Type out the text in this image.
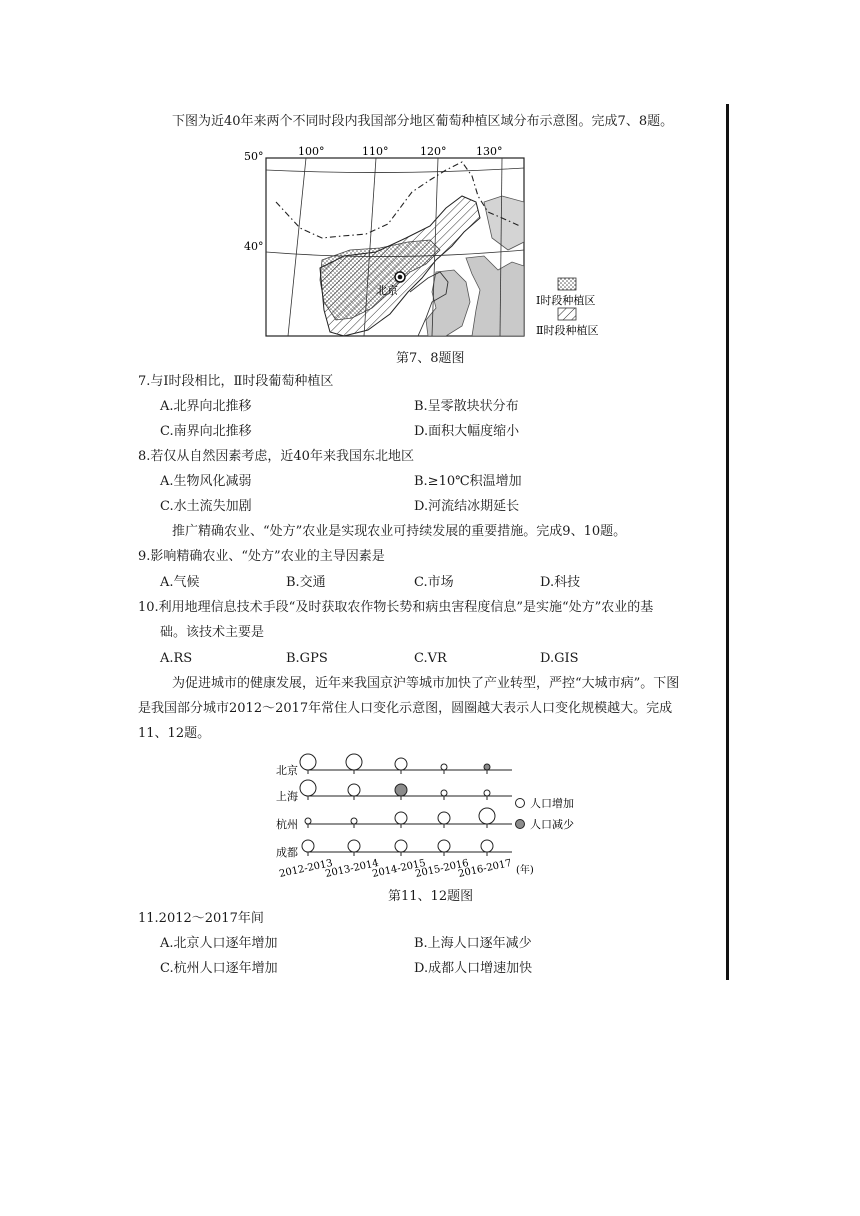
下图为近40年来两个不同时段内我国部分地区葡萄种植区域分布示意图。完成7、8题。
北京
100°	110°	120°	130°
50°
40°
Ⅰ时段种植区
Ⅱ时段种植区
第7、8题图
7.与Ⅰ时段相比，Ⅱ时段葡萄种植区
A.北界向北推移	B.呈零散块状分布
C.南界向北推移	D.面积大幅度缩小
8.若仅从自然因素考虑，近40年来我国东北地区
A.生物风化减弱	B.≥10℃积温增加
C.水土流失加剧	D.河流结冰期延长
推广精确农业、“处方”农业是实现农业可持续发展的重要措施。完成9、10题。
9.影响精确农业、“处方”农业的主导因素是
A.气候	B.交通	C.市场	D.科技
10.利用地理信息技术手段“及时获取农作物长势和病虫害程度信息”是实施“处方”农业的基
础。该技术主要是
A.RS	B.GPS	C.VR	D.GIS
为促进城市的健康发展，近年来我国京沪等城市加快了产业转型，严控“大城市病”。下图
是我国部分城市2012～2017年常住人口变化示意图，圆圈越大表示人口变化规模越大。完成
11、12题。
北京
上海
杭州
成都
2012-2013
2013-2014
2014-2015
2015-2016
2016-2017
人口增加
人口减少
(年)
第11、12题图
11.2012～2017年间
A.北京人口逐年增加	B.上海人口逐年减少
C.杭州人口逐年增加	D.成都人口增速加快
